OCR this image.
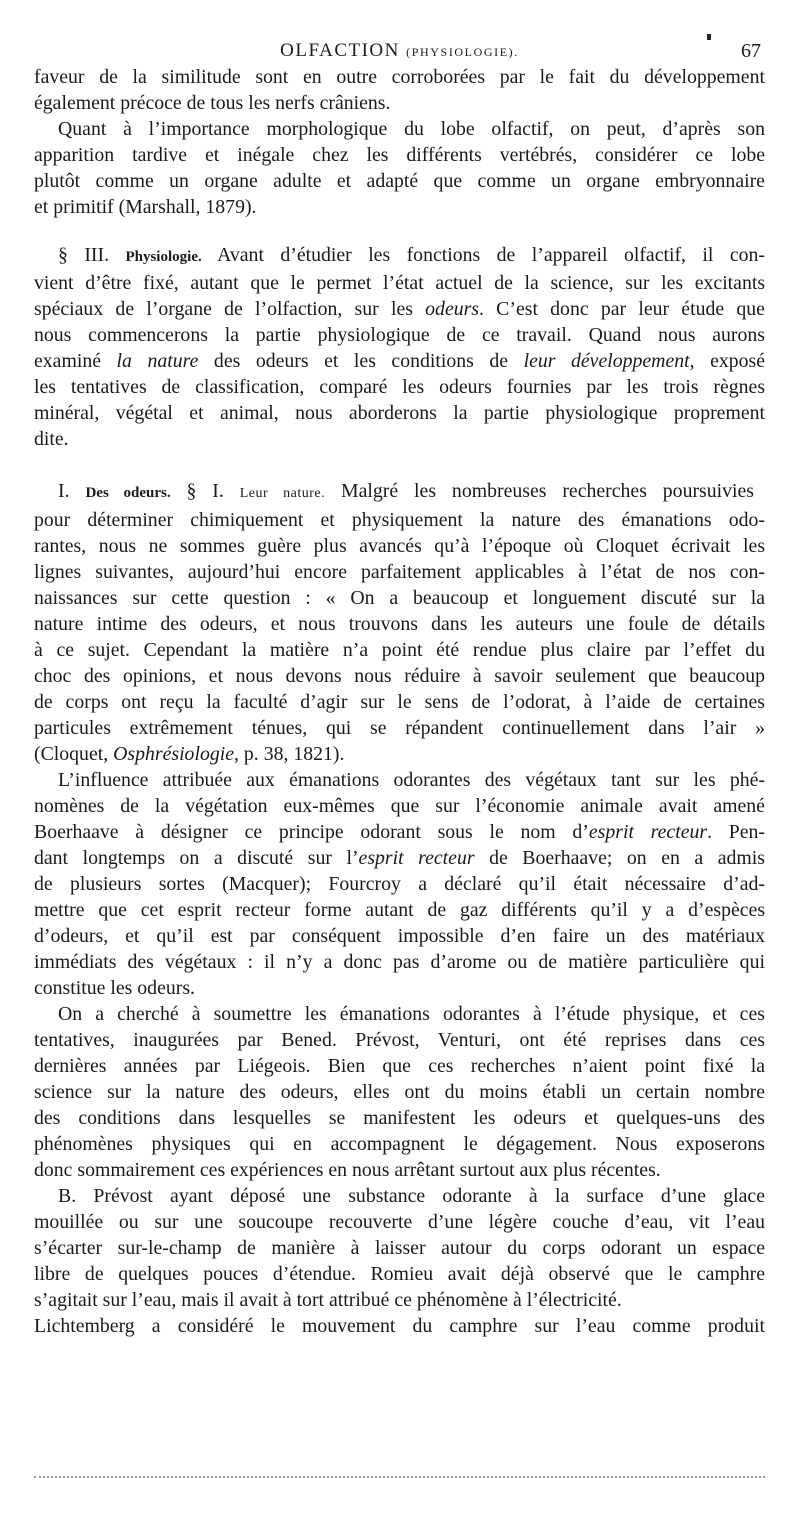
OLFACTION (PHYSIOLOGIE).	67

faveur de la similitude sont en outre corroborées par le fait du développement
également précoce de tous les nerfs crâniens.

Quant à l’importance morphologique du lobe olfactif, on peut, d’après son
apparition tardive et inégale chez les différents vertébrés, considérer ce lobe
plutôt comme un organe adulte et adapté que comme un organe embryonnaire
et primitif (Marshall, 1879).

§ III. Physiologie. Avant d’étudier les fonctions de l’appareil olfactif, il con-
vient d’être fixé, autant que le permet l’état actuel de la science, sur les excitants
spéciaux de l’organe de l’olfaction, sur les odeurs. C’est donc par leur étude que
nous commencerons la partie physiologique de ce travail. Quand nous aurons
examiné la nature des odeurs et les conditions de leur développement, exposé
les tentatives de classification, comparé les odeurs fournies par les trois règnes
minéral, végétal et animal, nous aborderons la partie physiologique proprement
dite.

I. Des odeurs. § I. Leur nature. Malgré les nombreuses recherches poursuivies
pour déterminer chimiquement et physiquement la nature des émanations odo-
rantes, nous ne sommes guère plus avancés qu’à l’époque où Cloquet écrivait les
lignes suivantes, aujourd’hui encore parfaitement applicables à l’état de nos con-
naissances sur cette question : « On a beaucoup et longuement discuté sur la
nature intime des odeurs, et nous trouvons dans les auteurs une foule de détails
à ce sujet. Cependant la matière n’a point été rendue plus claire par l’effet du
choc des opinions, et nous devons nous réduire à savoir seulement que beaucoup
de corps ont reçu la faculté d’agir sur le sens de l’odorat, à l’aide de certaines
particules extrêmement ténues, qui se répandent continuellement dans l’air »
(Cloquet, Osphrésiologie, p. 38, 1821).

L’influence attribuée aux émanations odorantes des végétaux tant sur les phé-
nomènes de la végétation eux-mêmes que sur l’économie animale avait amené
Boerhaave à désigner ce principe odorant sous le nom d’esprit recteur. Pen-
dant longtemps on a discuté sur l’esprit recteur de Boerhaave; on en a admis
de plusieurs sortes (Macquer); Fourcroy a déclaré qu’il était nécessaire d’ad-
mettre que cet esprit recteur forme autant de gaz différents qu’il y a d’espèces
d’odeurs, et qu’il est par conséquent impossible d’en faire un des matériaux
immédiats des végétaux : il n’y a donc pas d’arome ou de matière particulière qui
constitue les odeurs.

On a cherché à soumettre les émanations odorantes à l’étude physique, et ces
tentatives, inaugurées par Bened. Prévost, Venturi, ont été reprises dans ces
dernières années par Liégeois. Bien que ces recherches n’aient point fixé la
science sur la nature des odeurs, elles ont du moins établi un certain nombre
des conditions dans lesquelles se manifestent les odeurs et quelques-uns des
phénomènes physiques qui en accompagnent le dégagement. Nous exposerons
donc sommairement ces expériences en nous arrêtant surtout aux plus récentes.

B. Prévost ayant déposé une substance odorante à la surface d’une glace
mouillée ou sur une soucoupe recouverte d’une légère couche d’eau, vit l’eau
s’écarter sur-le-champ de manière à laisser autour du corps odorant un espace
libre de quelques pouces d’étendue. Romieu avait déjà observé que le camphre
s’agitait sur l’eau, mais il avait à tort attribué ce phénomène à l’électricité.
Lichtemberg a considéré le mouvement du camphre sur l’eau comme produit
